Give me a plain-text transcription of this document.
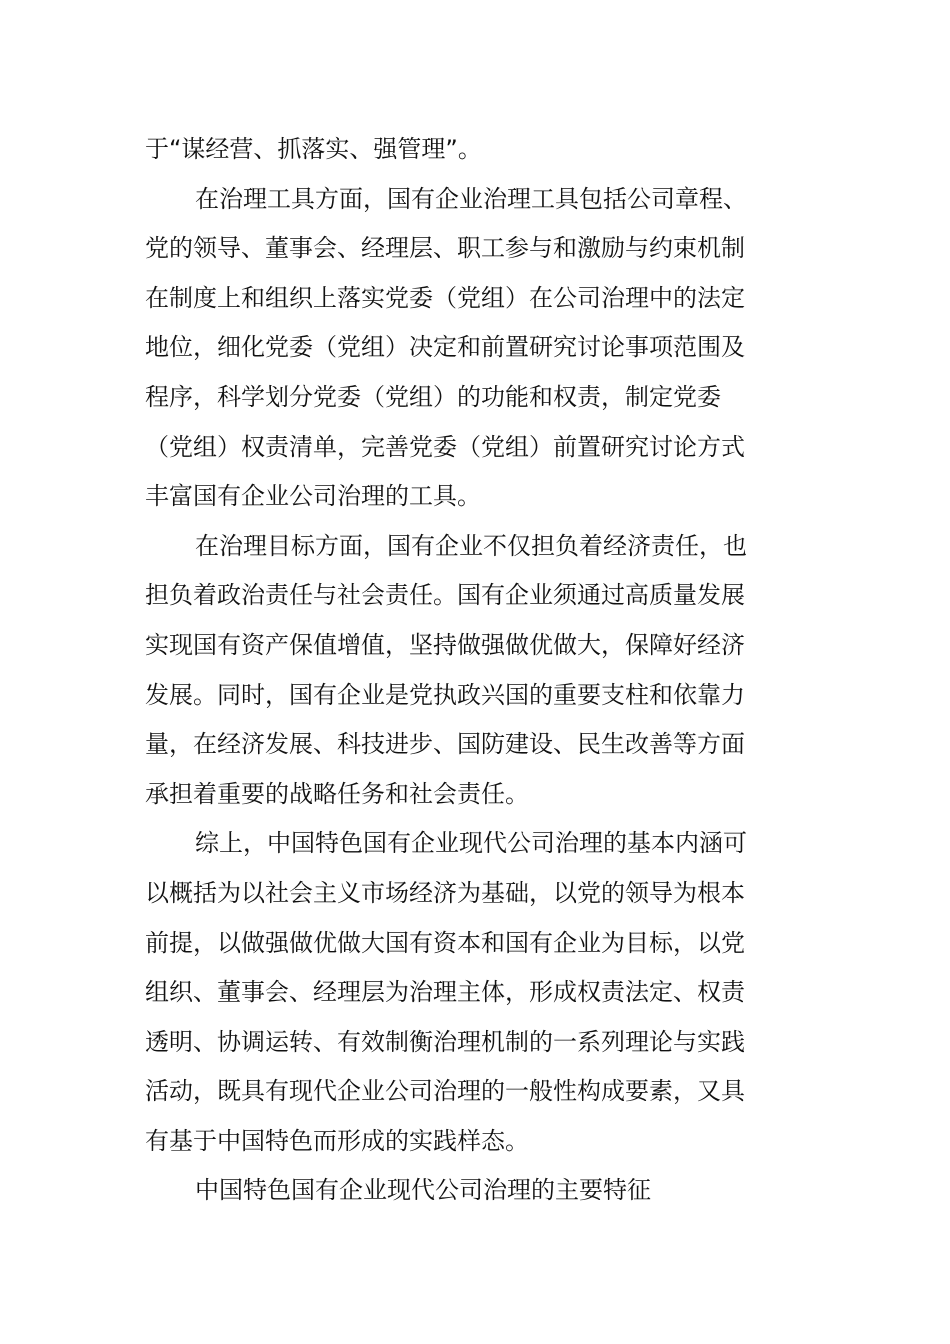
于“谋经营、抓落实、强管理”。
在治理工具方面，国有企业治理工具包括公司章程、
党的领导、董事会、经理层、职工参与和激励与约束机制
在制度上和组织上落实党委（党组）在公司治理中的法定
地位，细化党委（党组）决定和前置研究讨论事项范围及
程序，科学划分党委（党组）的功能和权责，制定党委
（党组）权责清单，完善党委（党组）前置研究讨论方式
丰富国有企业公司治理的工具。
在治理目标方面，国有企业不仅担负着经济责任，也
担负着政治责任与社会责任。国有企业须通过高质量发展
实现国有资产保值增值，坚持做强做优做大，保障好经济
发展。同时，国有企业是党执政兴国的重要支柱和依靠力
量，在经济发展、科技进步、国防建设、民生改善等方面
承担着重要的战略任务和社会责任。
综上，中国特色国有企业现代公司治理的基本内涵可
以概括为以社会主义市场经济为基础，以党的领导为根本
前提，以做强做优做大国有资本和国有企业为目标，以党
组织、董事会、经理层为治理主体，形成权责法定、权责
透明、协调运转、有效制衡治理机制的一系列理论与实践
活动，既具有现代企业公司治理的一般性构成要素，又具
有基于中国特色而形成的实践样态。
中国特色国有企业现代公司治理的主要特征
